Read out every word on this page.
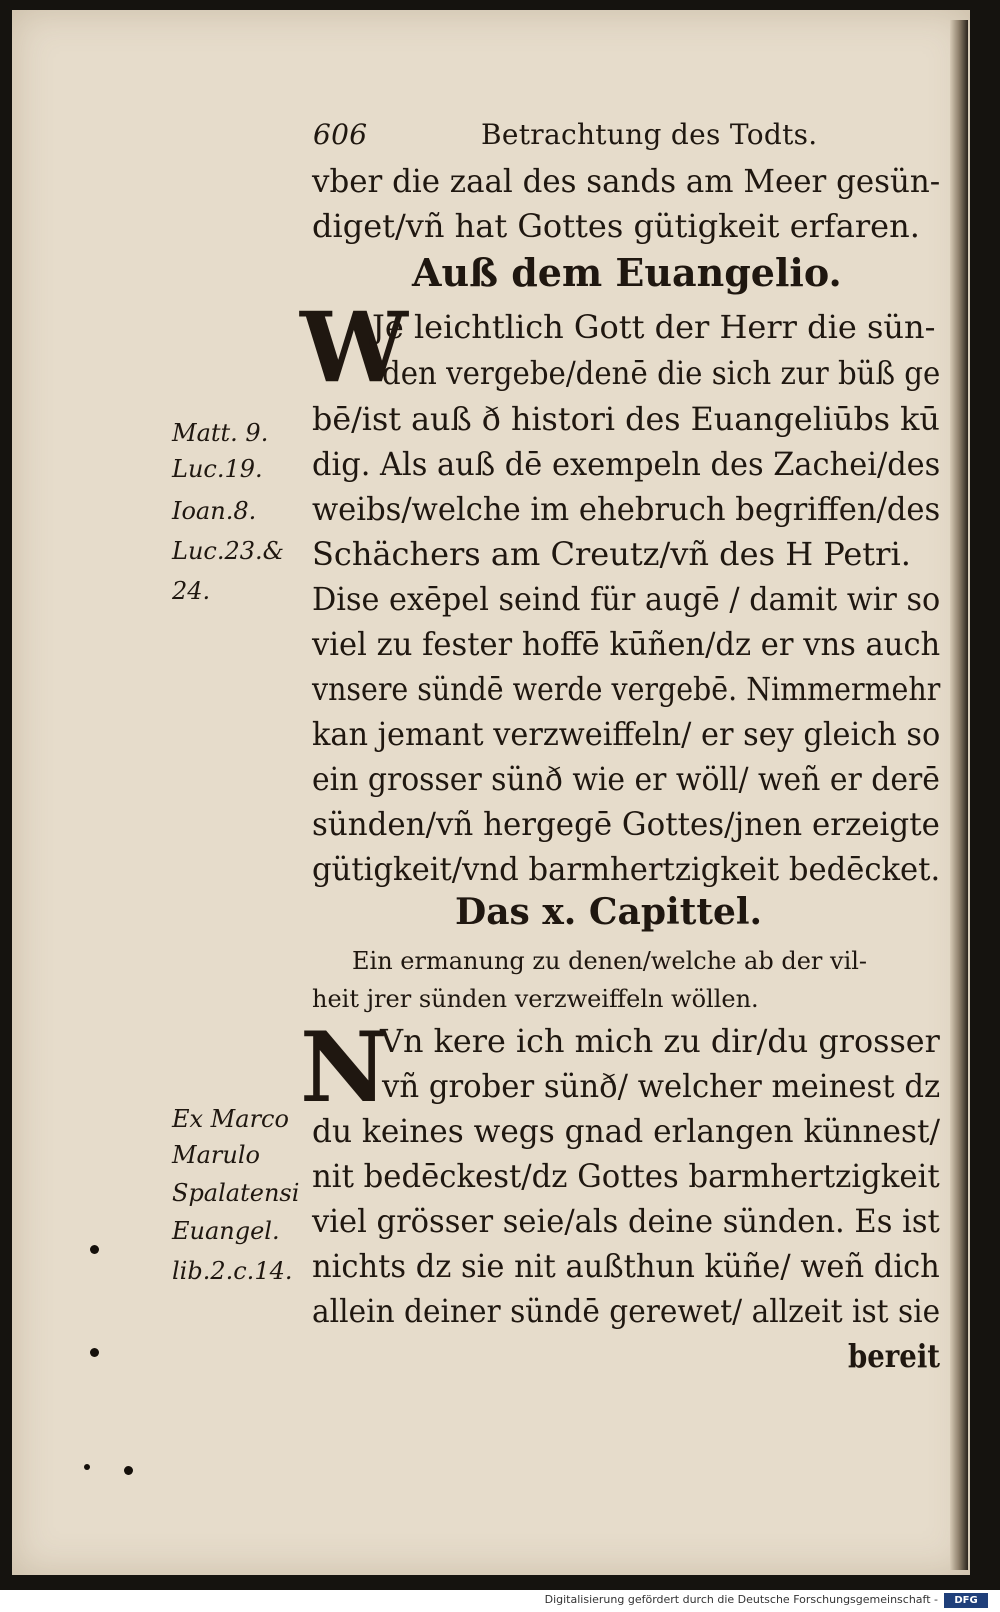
606	Betrachtung des Todts.
vber die zaal des sands am Meer gesün-
diget/vñ hat Gottes gütigkeit erfaren.
Auß dem Euangelio.
W
Je leichtlich Gott der Herr die sün-
den vergebe/denē die sich zur büß ge
bē/ist auß ð histori des Euangeliūbs kū
dig. Als auß dē exempeln des Zachei/des
weibs/welche im ehebruch begriffen/des
Schächers am Creutz/vñ des H Petri.
Dise exēpel seind für augē / damit wir so
viel zu fester hoffē kūñen/dz er vns auch
vnsere sündē werde vergebē. Nimmermehr
kan jemant verzweiffeln/ er sey gleich so
ein grosser sünð wie er wöll/ weñ er derē
sünden/vñ hergegē Gottes/jnen erzeigte
gütigkeit/vnd barmhertzigkeit bedēcket.
Das x. Capittel.
Ein ermanung zu denen/welche ab der vil-
heit jrer sünden verzweiffeln wöllen.
N
Vn kere ich mich zu dir/du grosser
vñ grober sünð/ welcher meinest dz
du keines wegs gnad erlangen künnest/
nit bedēckest/dz Gottes barmhertzigkeit
viel grösser seie/als deine sünden. Es ist
nichts dz sie nit außthun küñe/ weñ dich
allein deiner sündē gerewet/ allzeit ist sie
bereit
Matt. 9.
Luc.19.
Ioan.8.
Luc.23.&
24.
Ex Marco
Marulo
Spalatensi
Euangel.
lib.2.c.14.
Digitalisierung gefördert durch die Deutsche Forschungsgemeinschaft -	DFG
